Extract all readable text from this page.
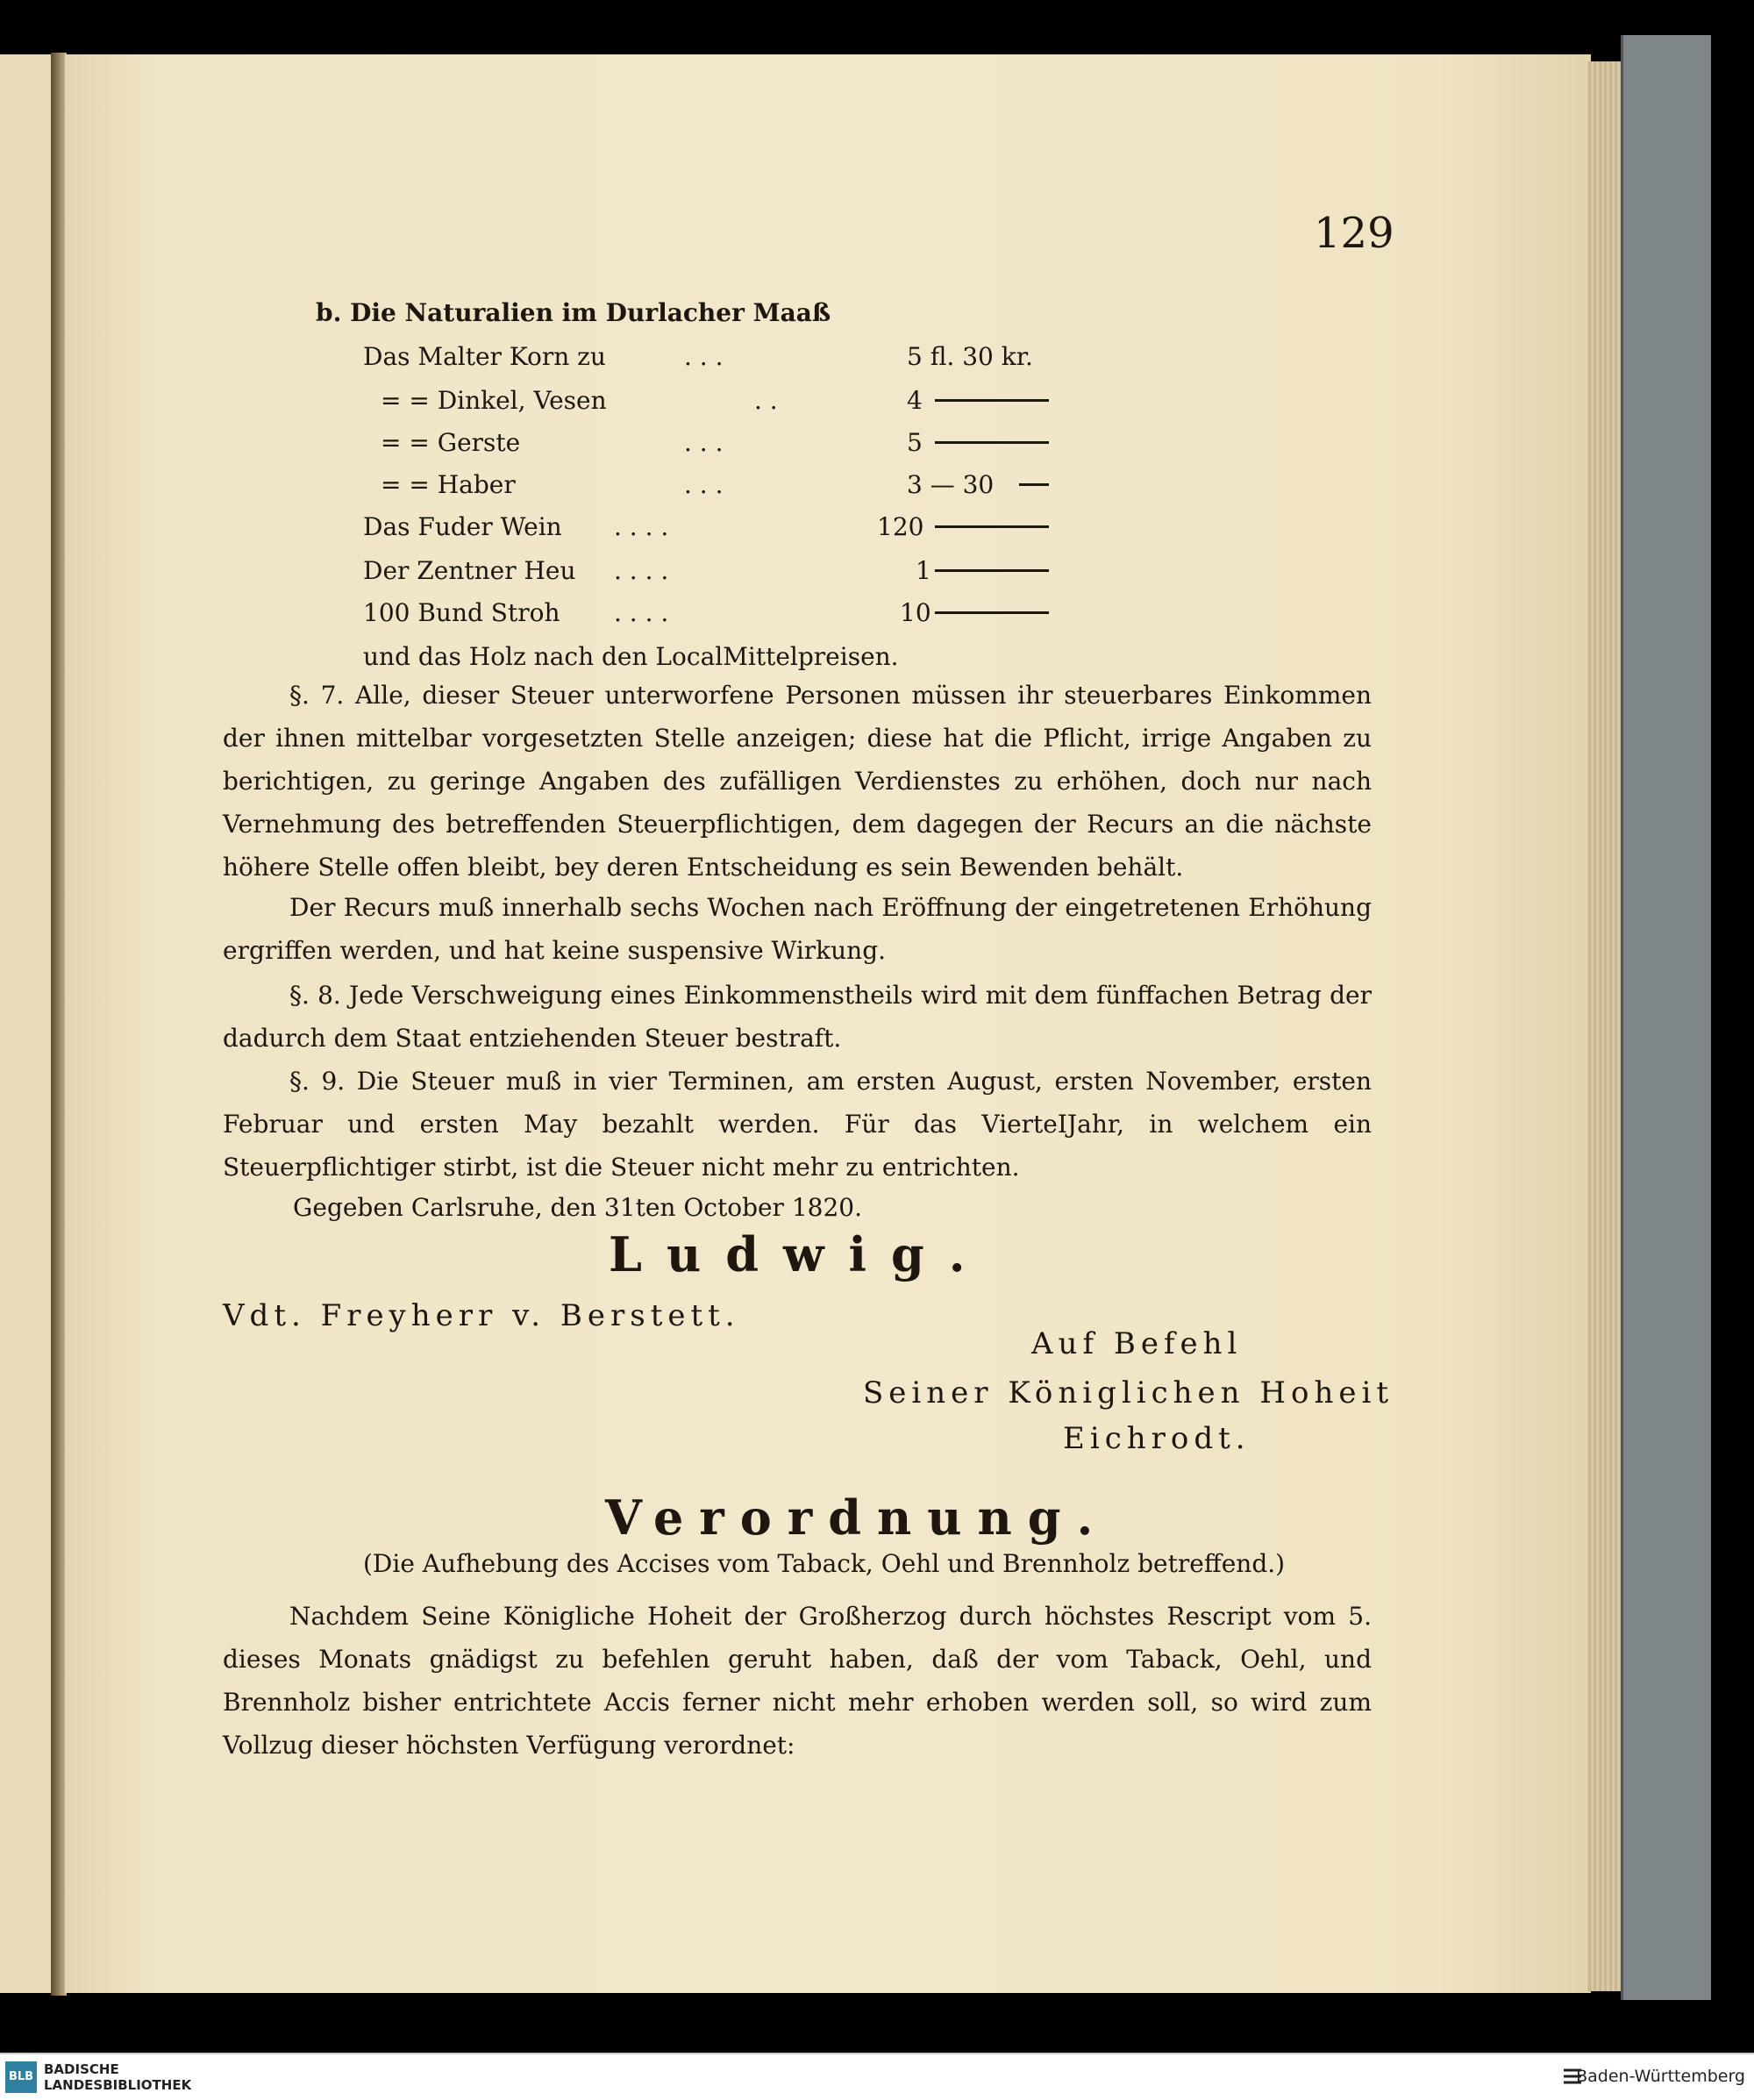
129
b. Die Naturalien im Durlacher Maaß
Das Malter Korn zu	. . .	5 fl. 30 kr.
= = Dinkel, Vesen	. .	4
= = Gerste	. . .	5
= = Haber	. . .	3 — 30
Das Fuder Wein . . . .	120
Der Zentner Heu . . . .	1
100 Bund Stroh . . . .	10
und das Holz nach den LocalMittelpreisen.
§. 7. Alle, dieser Steuer unterworfene Personen müssen ihr steuerbares Einkommen der ihnen mittelbar vorgesetzten Stelle anzeigen; diese hat die Pflicht, irrige Angaben zu berichtigen, zu geringe Angaben des zufälligen Verdienstes zu erhöhen, doch nur nach Vernehmung des betreffenden Steuerpflichtigen, dem dagegen der Recurs an die nächste höhere Stelle offen bleibt, bey deren Entscheidung es sein Bewenden behält.
Der Recurs muß innerhalb sechs Wochen nach Eröffnung der eingetretenen Erhöhung ergriffen werden, und hat keine suspensive Wirkung.
§. 8. Jede Verschweigung eines Einkommenstheils wird mit dem fünffachen Betrag der dadurch dem Staat entziehenden Steuer bestraft.
§. 9. Die Steuer muß in vier Terminen, am ersten August, ersten November, ersten Februar und ersten May bezahlt werden. Für das VierteIJahr, in welchem ein Steuerpflichtiger stirbt, ist die Steuer nicht mehr zu entrichten.
Gegeben Carlsruhe, den 31ten October 1820.
Ludwig.
Vdt. Freyherr v. Berstett.
Auf Befehl
Seiner Königlichen Hoheit
Eichrodt.
Verordnung.
(Die Aufhebung des Accises vom Taback, Oehl und Brennholz betreffend.)
Nachdem Seine Königliche Hoheit der Großherzog durch höchstes Rescript vom 5. dieses Monats gnädigst zu befehlen geruht haben, daß der vom Taback, Oehl, und Brennholz bisher entrichtete Accis ferner nicht mehr erhoben werden soll, so wird zum Vollzug dieser höchsten Verfügung verordnet:
BLB BADISCHE
LANDESBIBLIOTHEK	Baden-Württemberg
